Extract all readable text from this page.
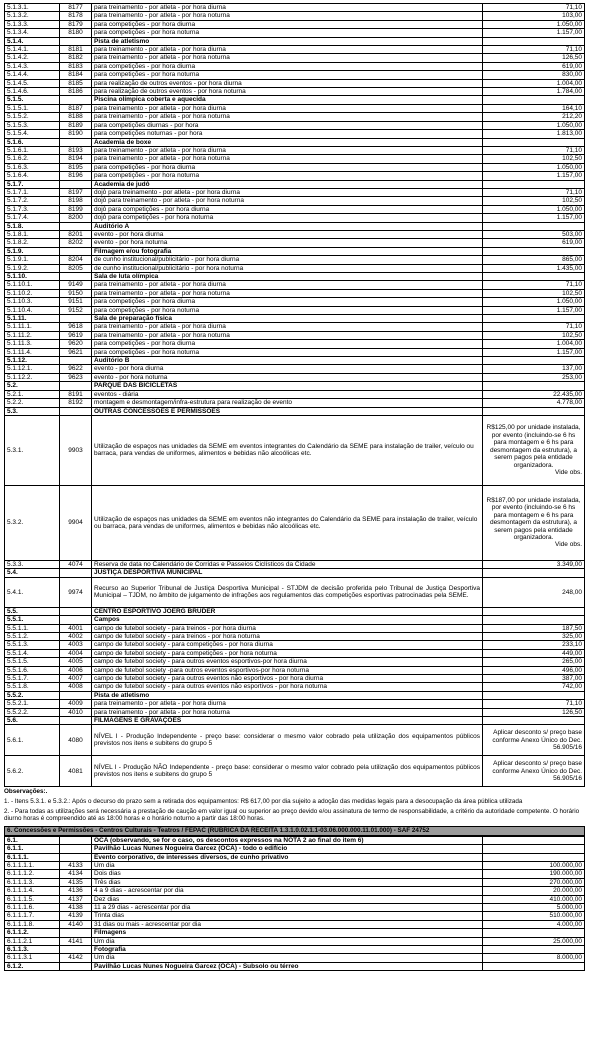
5.1.3.1.	8177	para treinamento - por atleta - por hora diurna	71,10
5.1.3.2.	8178	para treinamento - por atleta - por hora noturna	103,00
5.1.3.3.	8179	para competições - por hora diurna	1.050,00
5.1.3.4.	8180	para competições - por hora noturna	1.157,00
5.1.4.		Pista de atletismo	
5.1.4.1.	8181	para treinamento - por atleta - por hora diurna	71,10
5.1.4.2.	8182	para treinamento - por atleta - por hora noturna	126,50
5.1.4.3.	8183	para competições - por hora diurna	619,00
5.1.4.4.	8184	para competições - por hora noturna	830,00
5.1.4.5.	8185	para realização de outros eventos - por hora diurna	1.004,00
5.1.4.6.	8186	para realização de outros eventos - por hora noturna	1.784,00
5.1.5.		Piscina olímpica coberta e aquecida	
5.1.5.1.	8187	para treinamento - por atleta - por hora diurna	164,10
5.1.5.2.	8188	para treinamento - por atleta - por hora noturna	212,20
5.1.5.3.	8189	para competições diurnas - por hora	1.050,00
5.1.5.4.	8190	para competições noturnas - por hora	1.813,00
5.1.6.		Academia de boxe	
5.1.6.1.	8193	para treinamento - por atleta - por hora diurna	71,10
5.1.6.2.	8194	para treinamento - por atleta - por hora noturna	102,50
5.1.6.3.	8195	para competições - por hora diurna	1.050,00
5.1.6.4.	8196	para competições - por hora noturna	1.157,00
5.1.7.		Academia de judô	
5.1.7.1.	8197	dojô para treinamento - por atleta - por hora diurna	71,10
5.1.7.2.	8198	dojô para treinamento - por atleta - por hora noturna	102,50
5.1.7.3.	8199	dojô para competições - por hora diurna	1.050,00
5.1.7.4.	8200	dojô para competições - por hora noturna	1.157,00
5.1.8.		Auditório A	
5.1.8.1.	8201	evento - por hora diurna	503,00
5.1.8.2.	8202	evento - por hora noturna	619,00
5.1.9.		Filmagem e/ou fotografia	
5.1.9.1.	8204	de cunho institucional/publicitário - por hora diurna	865,00
5.1.9.2.	8205	de cunho institucional/publicitário - por hora noturna	1.435,00
5.1.10.		Sala de luta olímpica	
5.1.10.1.	9149	para treinamento - por atleta - por hora diurna	71,10
5.1.10.2.	9150	para treinamento - por atleta - por hora noturna	102,50
5.1.10.3.	9151	para competições - por hora diurna	1.050,00
5.1.10.4.	9152	para competições - por hora noturna	1.157,00
5.1.11.		Sala de preparação física	
5.1.11.1.	9618	para treinamento - por atleta - por hora diurna	71,10
5.1.11.2.	9619	para treinamento - por atleta - por hora noturna	102,50
5.1.11.3.	9620	para competições - por hora diurna	1.004,00
5.1.11.4.	9621	para competições - por hora noturna	1.157,00
5.1.12.		Auditório B	
5.1.12.1.	9622	evento - por hora diurna	137,00
5.1.12.2.	9623	evento - por hora noturna	253,00
5.2.		PARQUE DAS BICICLETAS	
5.2.1.	8191	eventos - diária	22.435,00
5.2.2.	8192	montagem e desmontagem/infra-estrutura para realização de evento	4.778,00
5.3.		OUTRAS CONCESSÕES E PERMISSÕES	
5.3.1.	9903	Utilização de espaços nas unidades da SEME em eventos integrantes do Calendário da SEME para instalação de trailer, veículo ou barraca, para vendas de uniformes, alimentos e bebidas não alcoólicas etc.	R$125,00 por unidade instalada, por evento (incluindo-se 6 hs para montagem e 6 hs para desmontagem da estrutura), a serem pagos pela entidade organizadora.
Vide obs.

5.3.2.	9904	Utilização de espaços nas unidades da SEME em eventos não integrantes do Calendário da SEME para instalação de trailer, veículo ou barraca, para vendas de uniformes, alimentos e bebidas não alcoólicas etc.	R$187,00 por unidade instalada, por evento (incluindo-se 6 hs para montagem e 6 hs para desmontagem da estrutura), a serem pagos pela entidade organizadora.
Vide obs.

5.3.3.	4074	Reserva de data no Calendário de Corridas e Passeios Ciclísticos da Cidade	3.349,00
5.4.		JUSTIÇA DESPORTIVA MUNICIPAL	
5.4.1.	9974	Recurso ao Superior Tribunal de Justiça Desportiva Municipal - STJDM de decisão proferida pelo Tribunal de Justiça Desportiva Municipal – TJDM, no âmbito de julgamento de infrações aos regulamentos das competições esportivas patrocinadas pela SEME.	248,00
5.5.		CENTRO ESPORTIVO JOERG BRUDER	
5.5.1.		Campos	
5.5.1.1.	4001	campo de futebol society - para treinos - por hora diurna	187,50
5.5.1.2.	4002	campo de futebol society - para treinos - por hora noturna	325,00
5.5.1.3.	4003	campo de futebol society - para competições - por hora diurna	233,10
5.5.1.4.	4004	campo de futebol society - para competições - por hora noturna	449,00
5.5.1.5.	4005	campo de futebol society - para outros eventos esportivos-por hora diurna	265,00
5.5.1.6.	4006	campo de futebol society -para outros eventos esportivos-por hora noturna	496,00
5.5.1.7.	4007	campo de futebol society - para outros eventos não esportivos - por hora diurna	387,00
5.5.1.8.	4008	campo de futebol society - para outros eventos não esportivos - por hora noturna	742,00
5.5.2.		Pista de atletismo	
5.5.2.1.	4009	para treinamento - por atleta - por hora diurna	71,10
5.5.2.2.	4010	para treinamento - por atleta - por hora noturna	126,50
5.6.		FILMAGENS E GRAVAÇÕES	
5.6.1.	4080	NÍVEL I - Produção Independente - preço base: considerar o mesmo valor cobrado pela utilização dos equipamentos públicos previstos nos itens e subitens do grupo 5	Aplicar desconto s/ preço base conforme Anexo Único do Dec. 56.905/16
5.6.2.	4081	NÍVEL I - Produção NÃO Independente - preço base: considerar o mesmo valor cobrado pela utilização dos equipamentos públicos previstos nos itens e subitens do grupo 5	Aplicar desconto s/ preço base conforme Anexo Único do Dec. 56.905/16
Observações:.
1. - Itens 5.3.1. e 5.3.2.: Após o decurso do prazo sem a retirada dos equipamentos: R$ 617,00 por dia sujeito a adoção das medidas legais para a desocupação da área pública utilizada
2. - Para todas as utilizações será necessária a prestação de caução em valor igual ou superior ao preço devido e/ou assinatura de termo de responsabilidade, a critério da autoridade competente. O horário diurno horas é compreendido até as 18:00 horas e o horário noturno a partir das 18:00 horas.
6. Concessões e Permissões - Centros Culturais - Teatros / FEPAC (RUBRICA DA RECEITA 1.3.1.0.02.1.1-03.06.000.000.11.01.000) - SAF 24752
6.1.		OCA (observando, se for o caso, os descontos expressos na NOTA 2 ao final do item 6)	
6.1.1.		Pavilhão Lucas Nunes Nogueira Garcez (OCA) - todo o edifício	
6.1.1.1.		Evento corporativo, de interesses diversos, de cunho privativo	
6.1.1.1.1.	4133	Um dia	100.000,00
6.1.1.1.2.	4134	Dois dias	190.000,00
6.1.1.1.3.	4135	Três dias	270.000,00
6.1.1.1.4.	4136	4 a 9 dias - acrescentar por dia	20.000,00
6.1.1.1.5.	4137	Dez dias	410.000,00
6.1.1.1.6.	4138	11 a 29 dias - acrescentar por dia	5.000,00
6.1.1.1.7.	4139	Trinta dias	510.000,00
6.1.1.1.8.	4140	31 dias ou mais - acrescentar por dia	4.000,00
6.1.1.2.		Filmagens	
6.1.1.2.1	4141	Um dia	25.000,00
6.1.1.3.		Fotografia	
6.1.1.3.1	4142	Um dia	8.000,00
6.1.2.		Pavilhão Lucas Nunes Nogueira Garcez (OCA) - Subsolo ou térreo	
